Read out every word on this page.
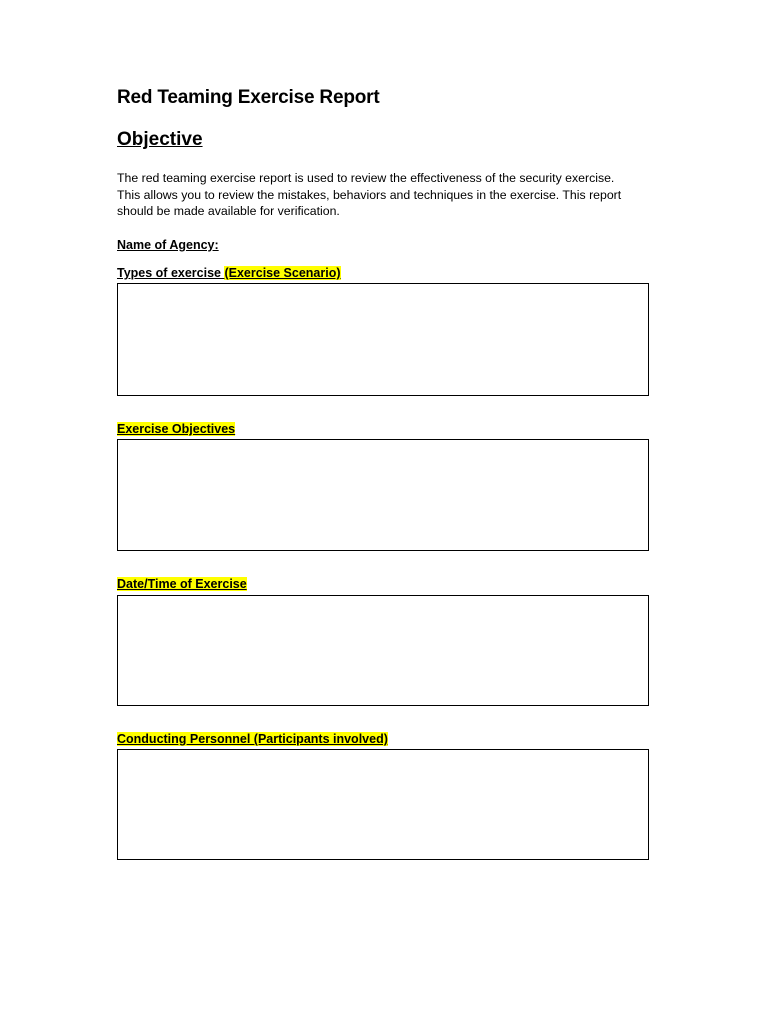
Red Teaming Exercise Report
Objective
The red teaming exercise report is used to review the effectiveness of the security exercise.
This allows you to review the mistakes, behaviors and techniques in the exercise. This report
should be made available for verification.
Name of Agency:
Types of exercise (Exercise Scenario)
Exercise Objectives
Date/Time of Exercise
Conducting Personnel (Participants involved)
